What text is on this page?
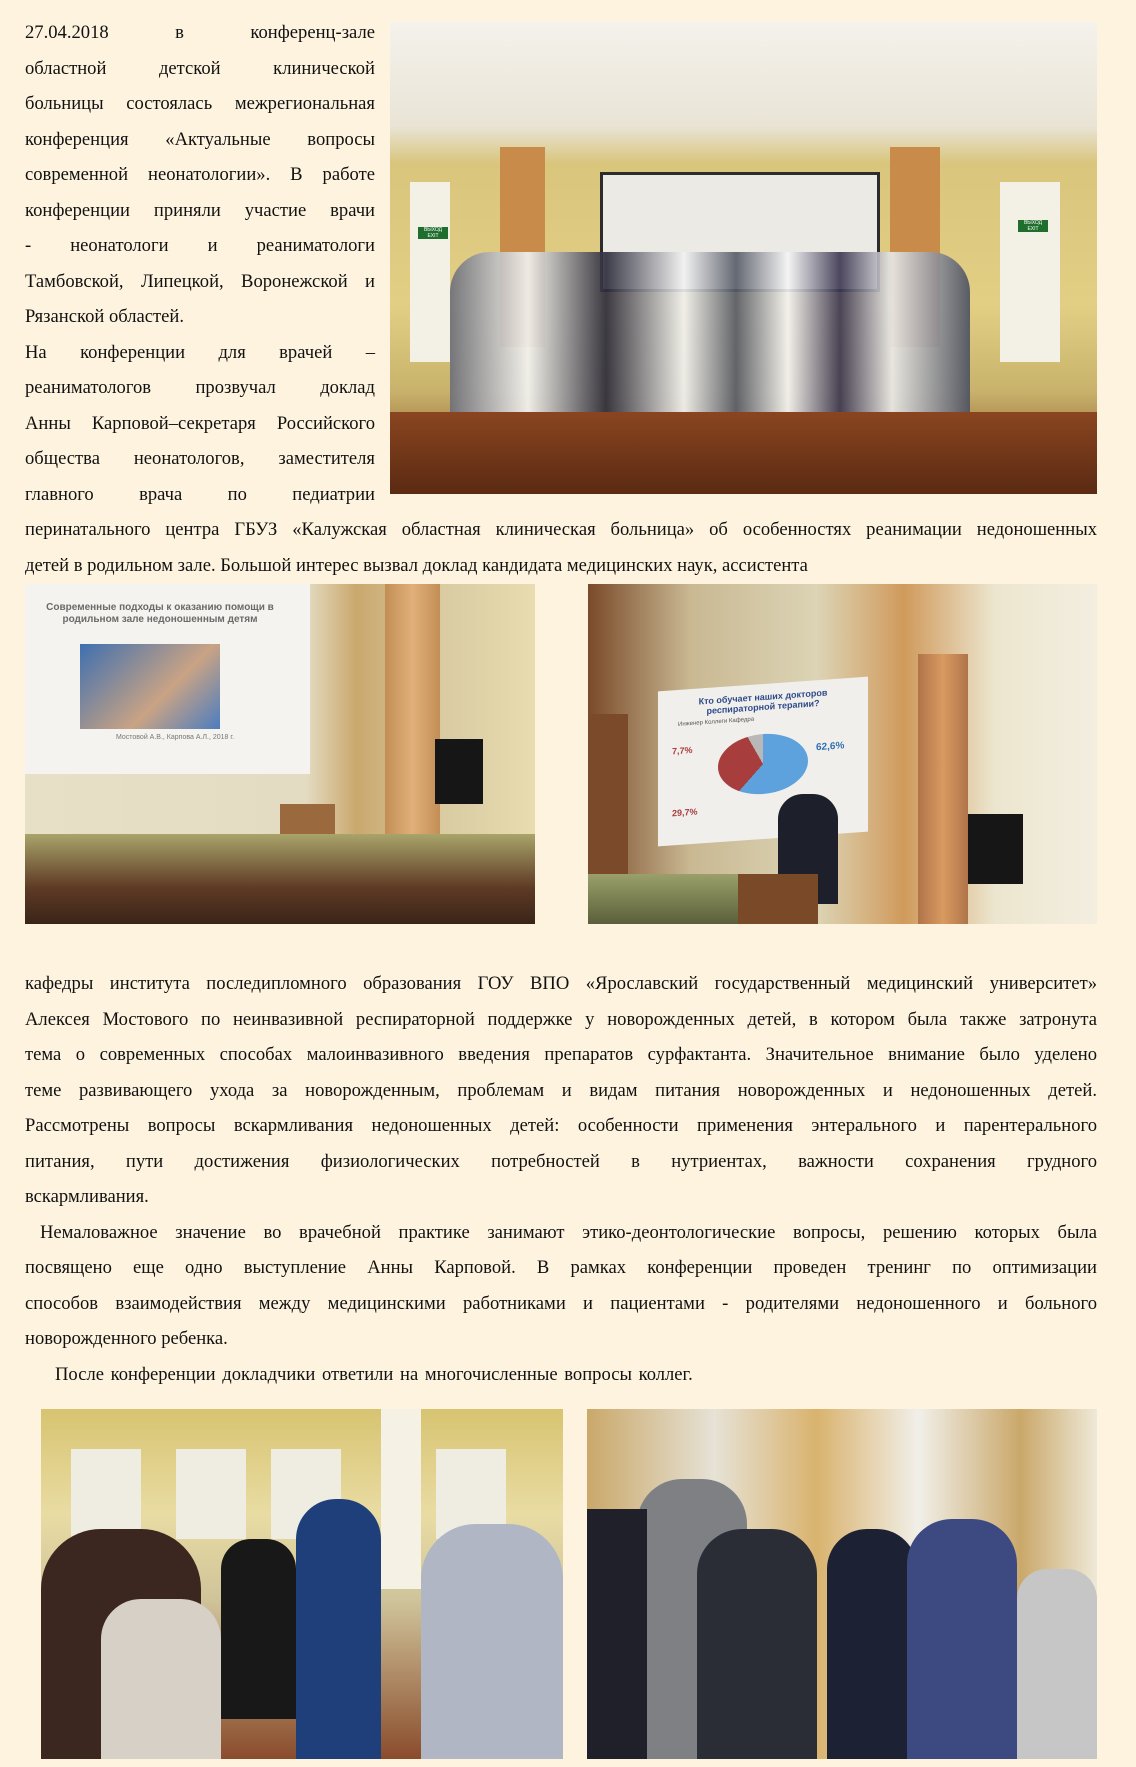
27.04.2018 в конференц-зале
областной детской клинической
больницы состоялась межрегиональная
конференция «Актуальные вопросы
современной неонатологии». В работе
конференции приняли участие врачи
- неонатологи и реаниматологи
Тамбовской, Липецкой, Воронежской и
Рязанской областей.
На конференции для врачей –
реаниматологов прозвучал доклад
Анны Карповой–секретаря Российского
общества неонатологов, заместителя
главного врача по педиатрии
ВЫХОД EXIT
ВЫХОД EXIT
перинатального центра ГБУЗ «Калужская областная клиническая больница» об особенностях реанимации недоношенных
детей в родильном зале. Большой интерес вызвал доклад кандидата медицинских наук, ассистента
Современные подходы к оказанию помощи в родильном зале недоношенным детям
Мостовой А.В., Карпова А.Л., 2018 г.
Кто обучает наших докторов респираторной терапии?
Инженер Коллеги Кафедра
62,6%
7,7%
29,7%
кафедры института последипломного образования ГОУ ВПО «Ярославский государственный медицинский университет»
Алексея Мостового по неинвазивной респираторной поддержке у новорожденных детей, в котором была также затронута
тема о современных способах малоинвазивного введения препаратов сурфактанта. Значительное внимание было уделено
теме развивающего ухода за новорожденным, проблемам и видам питания новорожденных и недоношенных детей.
Рассмотрены вопросы вскармливания недоношенных детей: особенности применения энтерального и парентерального
питания, пути достижения физиологических потребностей в нутриентах, важности сохранения грудного
вскармливания.
Немаловажное значение во врачебной практике занимают этико-деонтологические вопросы, решению которых была
посвящено еще одно выступление Анны Карповой. В рамках конференции проведен тренинг по оптимизации
способов взаимодействия между медицинскими работниками и пациентами - родителями недоношенного и больного
новорожденного ребенка.
После конференции докладчики ответили на многочисленные вопросы коллег.
